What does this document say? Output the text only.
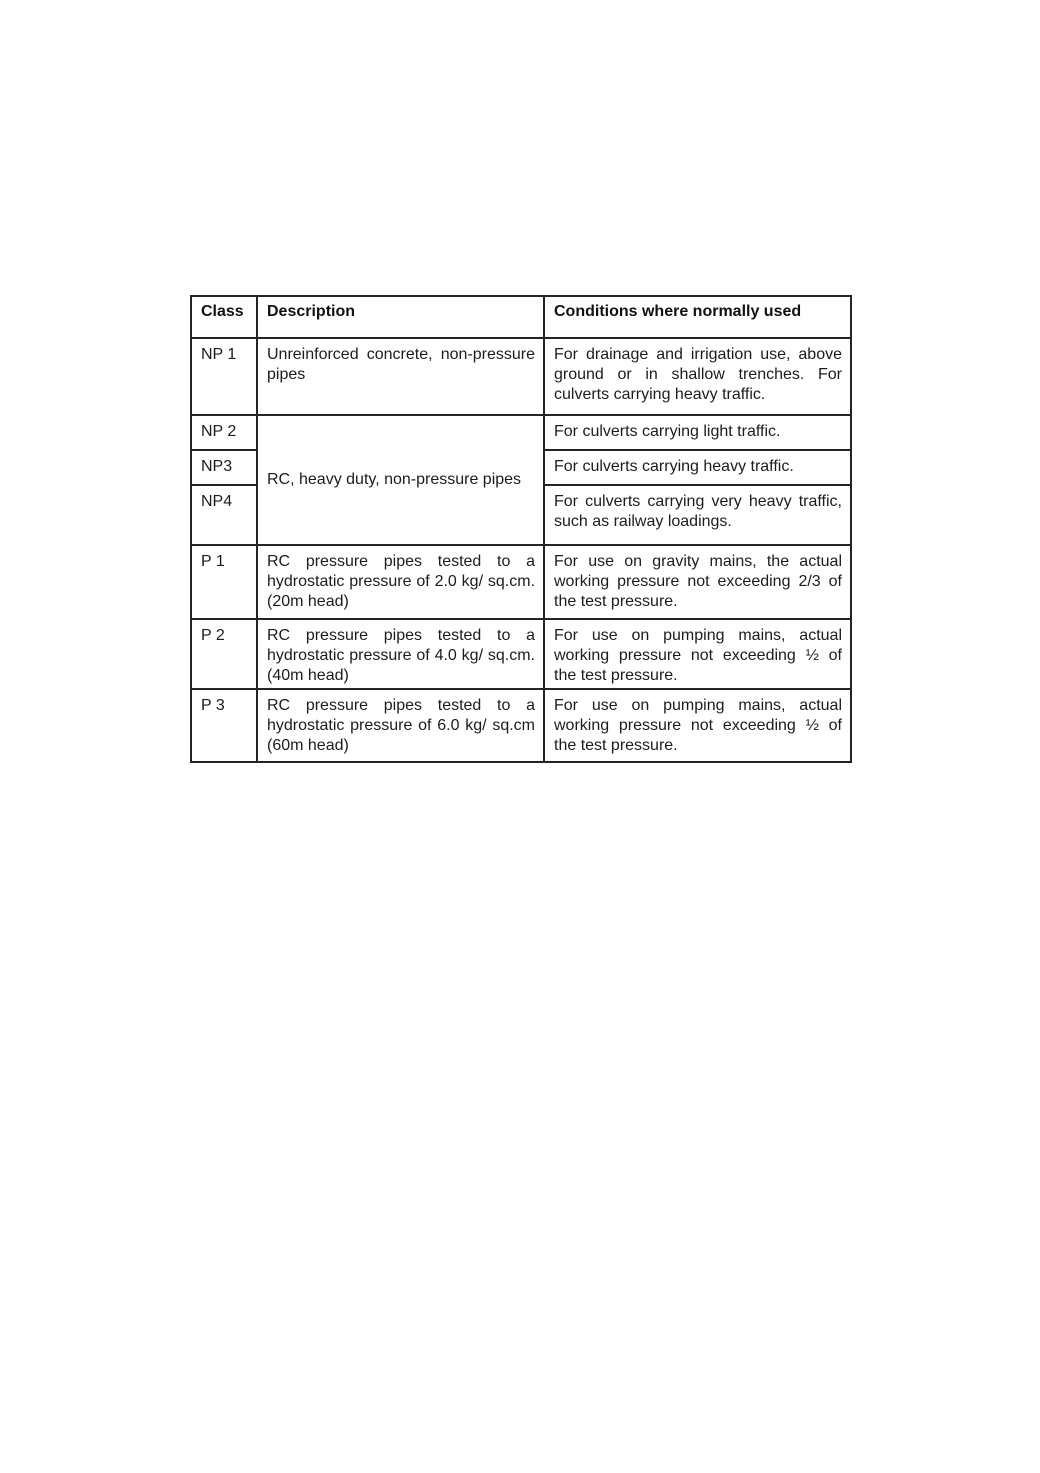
Class	Description	Conditions where normally used
NP 1	Unreinforced concrete, non-pressure pipes	For drainage and irrigation use, above ground or in shallow trenches. For culverts carrying heavy traffic.
NP 2	RC, heavy duty, non-pressure pipes	For culverts carrying light traffic.
NP3		For culverts carrying heavy traffic.
NP4		For culverts carrying very heavy traffic, such as railway loadings.
P 1	RC pressure pipes tested to a hydrostatic pressure of 2.0 kg/ sq.cm. (20m head)	For use on gravity mains, the actual working pressure not exceeding 2/3 of the test pressure.
P 2	RC pressure pipes tested to a hydrostatic pressure of 4.0 kg/ sq.cm. (40m head)	For use on pumping mains, actual working pressure not exceeding ½ of the test pressure.
P 3	RC pressure pipes tested to a hydrostatic pressure of 6.0 kg/ sq.cm (60m head)	For use on pumping mains, actual working pressure not exceeding ½ of the test pressure.
